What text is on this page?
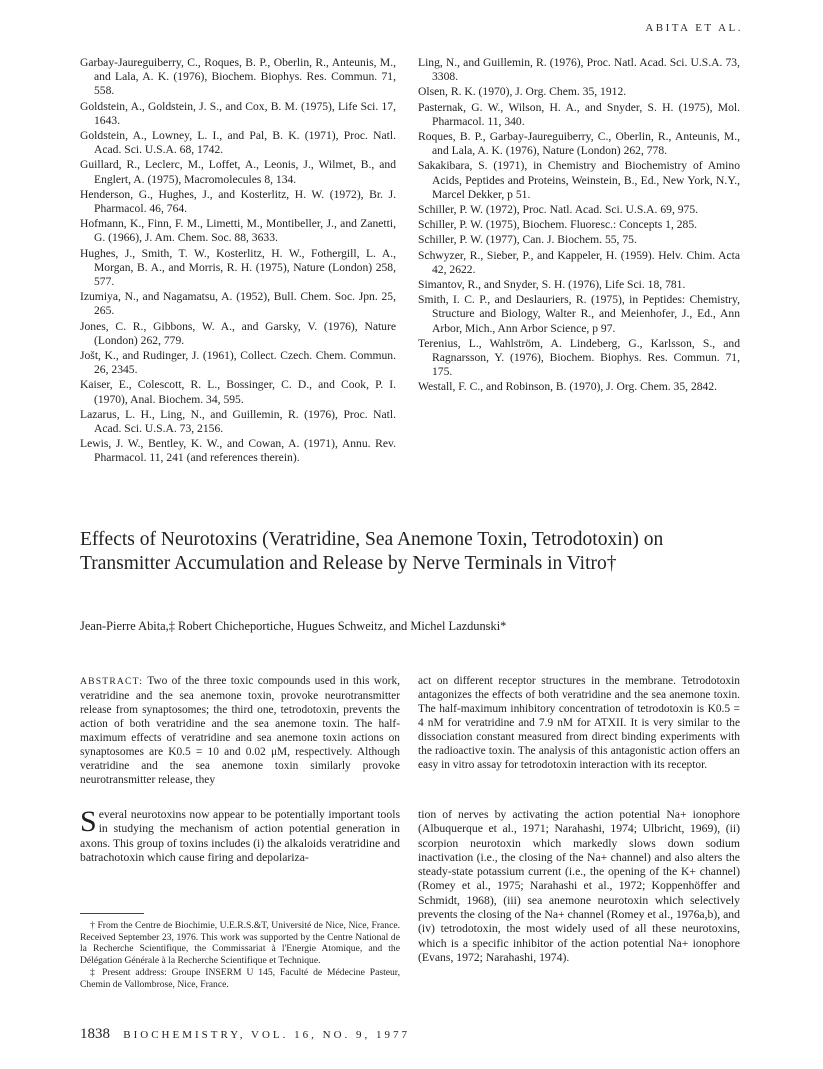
ABITA ET AL.

Garbay-Jaureguiberry, C., Roques, B. P., Oberlin, R., Anteunis, M., and Lala, A. K. (1976), Biochem. Biophys. Res. Commun. 71, 558.

Goldstein, A., Goldstein, J. S., and Cox, B. M. (1975), Life Sci. 17, 1643.

Goldstein, A., Lowney, L. I., and Pal, B. K. (1971), Proc. Natl. Acad. Sci. U.S.A. 68, 1742.

Guillard, R., Leclerc, M., Loffet, A., Leonis, J., Wilmet, B., and Englert, A. (1975), Macromolecules 8, 134.

Henderson, G., Hughes, J., and Kosterlitz, H. W. (1972), Br. J. Pharmacol. 46, 764.

Hofmann, K., Finn, F. M., Limetti, M., Montibeller, J., and Zanetti, G. (1966), J. Am. Chem. Soc. 88, 3633.

Hughes, J., Smith, T. W., Kosterlitz, H. W., Fothergill, L. A., Morgan, B. A., and Morris, R. H. (1975), Nature (London) 258, 577.

Izumiya, N., and Nagamatsu, A. (1952), Bull. Chem. Soc. Jpn. 25, 265.

Jones, C. R., Gibbons, W. A., and Garsky, V. (1976), Nature (London) 262, 779.

Jošt, K., and Rudinger, J. (1961), Collect. Czech. Chem. Commun. 26, 2345.

Kaiser, E., Colescott, R. L., Bossinger, C. D., and Cook, P. I. (1970), Anal. Biochem. 34, 595.

Lazarus, L. H., Ling, N., and Guillemin, R. (1976), Proc. Natl. Acad. Sci. U.S.A. 73, 2156.

Lewis, J. W., Bentley, K. W., and Cowan, A. (1971), Annu. Rev. Pharmacol. 11, 241 (and references therein).

Ling, N., and Guillemin, R. (1976), Proc. Natl. Acad. Sci. U.S.A. 73, 3308.

Olsen, R. K. (1970), J. Org. Chem. 35, 1912.

Pasternak, G. W., Wilson, H. A., and Snyder, S. H. (1975), Mol. Pharmacol. 11, 340.

Roques, B. P., Garbay-Jaureguiberry, C., Oberlin, R., Anteunis, M., and Lala, A. K. (1976), Nature (London) 262, 778.

Sakakibara, S. (1971), in Chemistry and Biochemistry of Amino Acids, Peptides and Proteins, Weinstein, B., Ed., New York, N.Y., Marcel Dekker, p 51.

Schiller, P. W. (1972), Proc. Natl. Acad. Sci. U.S.A. 69, 975.

Schiller, P. W. (1975), Biochem. Fluoresc.: Concepts 1, 285.

Schiller, P. W. (1977), Can. J. Biochem. 55, 75.

Schwyzer, R., Sieber, P., and Kappeler, H. (1959). Helv. Chim. Acta 42, 2622.

Simantov, R., and Snyder, S. H. (1976), Life Sci. 18, 781.

Smith, I. C. P., and Deslauriers, R. (1975), in Peptides: Chemistry, Structure and Biology, Walter R., and Meienhofer, J., Ed., Ann Arbor, Mich., Ann Arbor Science, p 97.

Terenius, L., Wahlström, A. Lindeberg, G., Karlsson, S., and Ragnarsson, Y. (1976), Biochem. Biophys. Res. Commun. 71, 175.

Westall, F. C., and Robinson, B. (1970), J. Org. Chem. 35, 2842.

Effects of Neurotoxins (Veratridine, Sea Anemone Toxin, Tetrodotoxin) on Transmitter Accumulation and Release by Nerve Terminals in Vitro†
Jean-Pierre Abita,‡ Robert Chicheportiche, Hugues Schweitz, and Michel Lazdunski*
ABSTRACT: Two of the three toxic compounds used in this work, veratridine and the sea anemone toxin, provoke neurotransmitter release from synaptosomes; the third one, tetrodotoxin, prevents the action of both veratridine and the sea anemone toxin. The half-maximum effects of veratridine and sea anemone toxin actions on synaptosomes are K0.5 = 10 and 0.02 μM, respectively. Although veratridine and the sea anemone toxin similarly provoke neurotransmitter release, they
act on different receptor structures in the membrane. Tetrodotoxin antagonizes the effects of both veratridine and the sea anemone toxin. The half-maximum inhibitory concentration of tetrodotoxin is K0.5 = 4 nM for veratridine and 7.9 nM for ATXII. It is very similar to the dissociation constant measured from direct binding experiments with the radioactive toxin. The analysis of this antagonistic action offers an easy in vitro assay for tetrodotoxin interaction with its receptor.
S everal neurotoxins now appear to be potentially important tools in studying the mechanism of action potential generation in axons. This group of toxins includes (i) the alkaloids veratridine and batrachotoxin which cause firing and depolariza-
tion of nerves by activating the action potential Na+ ionophore (Albuquerque et al., 1971; Narahashi, 1974; Ulbricht, 1969), (ii) scorpion neurotoxin which markedly slows down sodium inactivation (i.e., the closing of the Na+ channel) and also alters the steady-state potassium current (i.e., the opening of the K+ channel) (Romey et al., 1975; Narahashi et al., 1972; Koppenhöffer and Schmidt, 1968), (iii) sea anemone neurotoxin which selectively prevents the closing of the Na+ channel (Romey et al., 1976a,b), and (iv) tetrodotoxin, the most widely used of all these neurotoxins, which is a specific inhibitor of the action potential Na+ ionophore (Evans, 1972; Narahashi, 1974).

† From the Centre de Biochimie, U.E.R.S.&T, Université de Nice, Nice, France. Received September 23, 1976. This work was supported by the Centre National de la Recherche Scientifique, the Commissariat à l'Energie Atomique, and the Délégation Générale à la Recherche Scientifique et Technique.

‡ Present address: Groupe INSERM U 145, Faculté de Médecine Pasteur, Chemin de Vallombrose, Nice, France.

1838 BIOCHEMISTRY, VOL. 16, NO. 9, 1977
